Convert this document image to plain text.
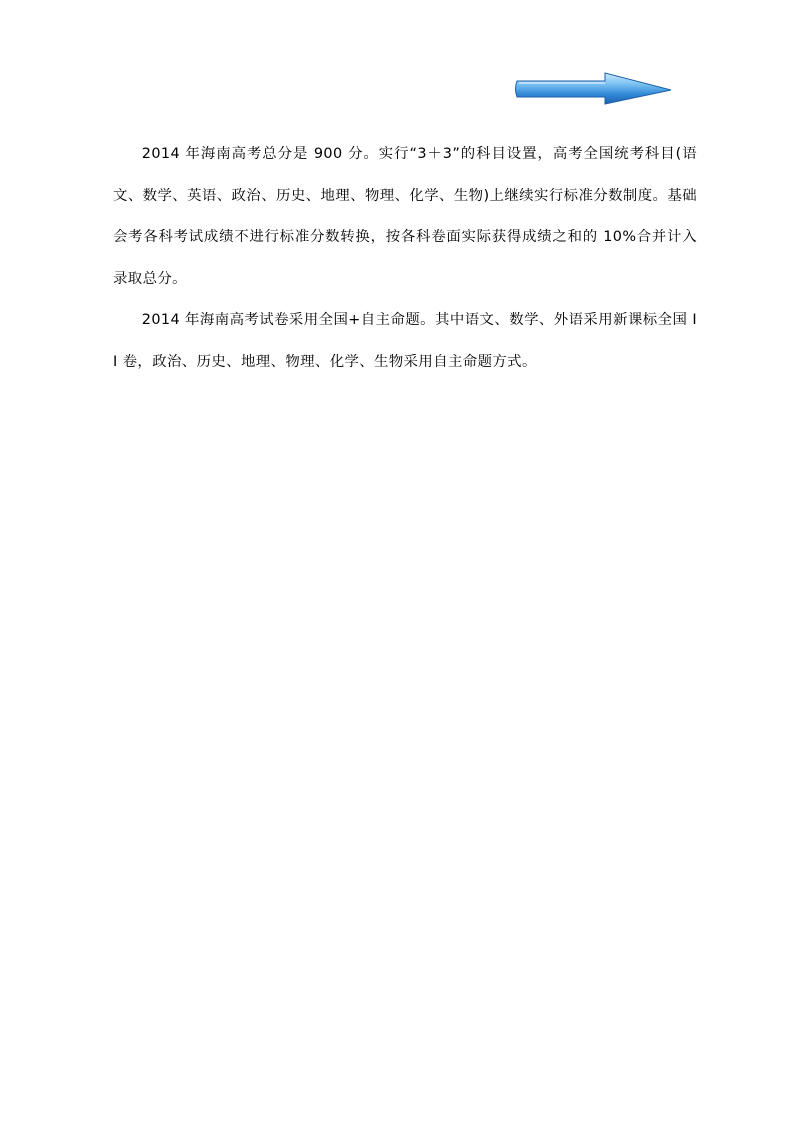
2014 年海南高考总分是 900 分。实行“3＋3”的科目设置，高考全国统考科目(语文、数学、英语、政治、历史、地理、物理、化学、生物)上继续实行标准分数制度。基础会考各科考试成绩不进行标准分数转换，按各科卷面实际获得成绩之和的 10%合并计入录取总分。

2014 年海南高考试卷采用全国+自主命题。其中语文、数学、外语采用新课标全国 II 卷，政治、历史、地理、物理、化学、生物采用自主命题方式。
